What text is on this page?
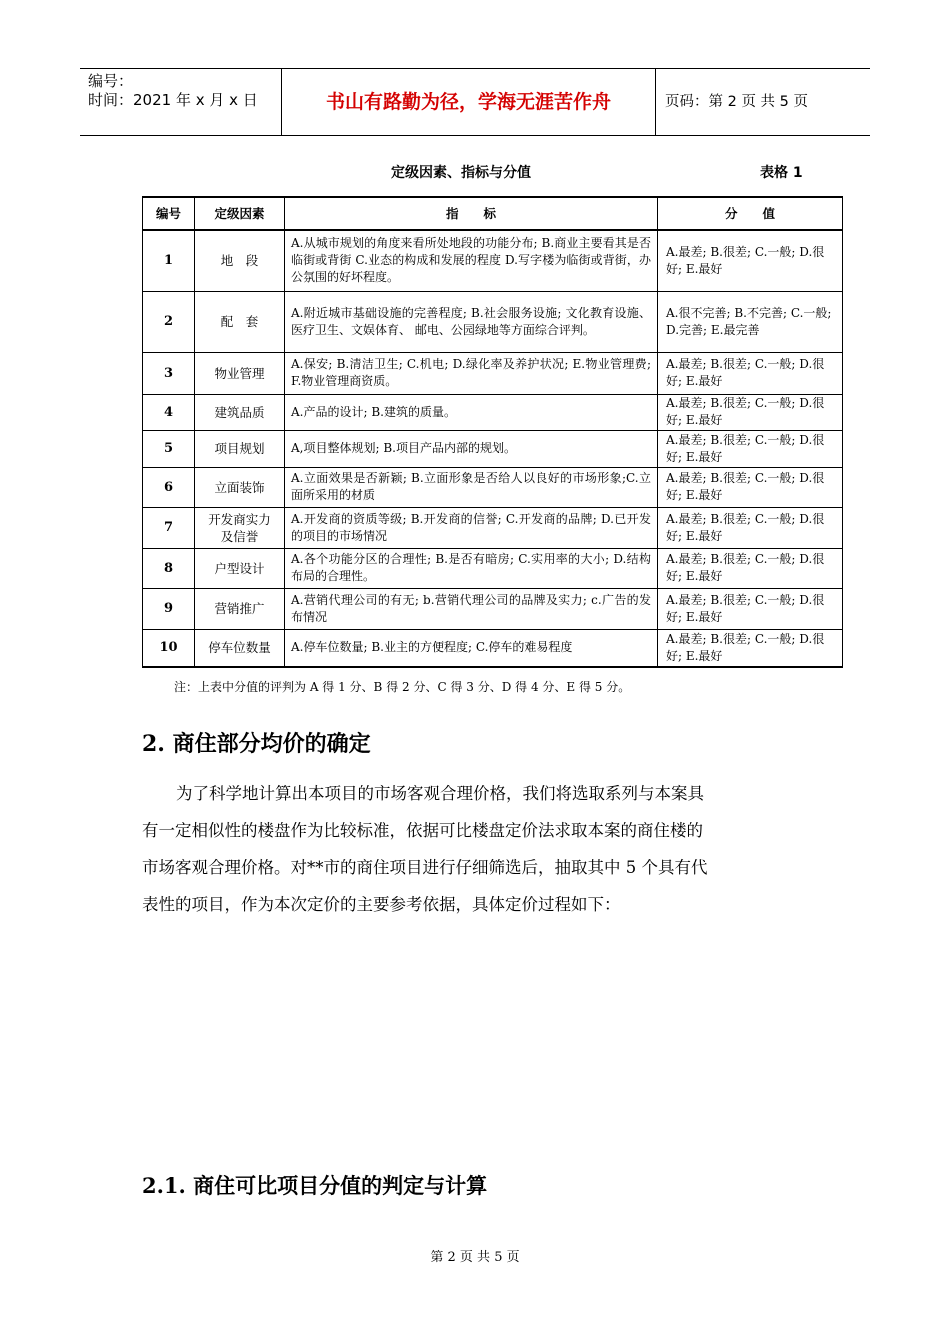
编号：
时间：2021 年 x 月 x 日	书山有路勤为径，学海无涯苦作舟	页码：第 2 页 共 5 页
定级因素、指标与分值	表格 1
编号	定级因素	指　　标	分　　值
1	地　段	A.从城市规划的角度来看所处地段的功能分布; B.商业主要看其是否临街或背街 C.业态的构成和发展的程度 D.写字楼为临街或背街，办公氛围的好坏程度。	A.最差; B.很差; C.一般; D.很好; E.最好
2	配　套	A.附近城市基础设施的完善程度; B.社会服务设施; 文化教育设施、医疗卫生、文娱体育、 邮电、公园绿地等方面综合评判。	A.很不完善; B.不完善; C.一般; D.完善; E.最完善
3	物业管理	A.保安; B.清洁卫生; C.机电; D.绿化率及养护状况; E.物业管理费; F.物业管理商资质。	A.最差; B.很差; C.一般; D.很好; E.最好
4	建筑品质	A.产品的设计; B.建筑的质量。	A.最差; B.很差; C.一般; D.很好; E.最好
5	项目规划	A,项目整体规划; B.项目产品内部的规划。	A.最差; B.很差; C.一般; D.很好; E.最好
6	立面装饰	A.立面效果是否新颖; B.立面形象是否给人以良好的市场形象;C.立面所采用的材质	A.最差; B.很差; C.一般; D.很好; E.最好
7	开发商实力及信誉	A.开发商的资质等级; B.开发商的信誉; C.开发商的品牌; D.已开发的项目的市场情况	A.最差; B.很差; C.一般; D.很好; E.最好
8	户型设计	A.各个功能分区的合理性; B.是否有暗房; C.实用率的大小; D.结构布局的合理性。	A.最差; B.很差; C.一般; D.很好; E.最好
9	营销推广	A.营销代理公司的有无; b.营销代理公司的品牌及实力; c.广告的发布情况	A.最差; B.很差; C.一般; D.很好; E.最好
10	停车位数量	A.停车位数量; B.业主的方便程度; C.停车的难易程度	A.最差; B.很差; C.一般; D.很好; E.最好
注：上表中分值的评判为 A 得 1 分、B 得 2 分、C 得 3 分、D 得 4 分、E 得 5 分。
2. 商住部分均价的确定
为了科学地计算出本项目的市场客观合理价格，我们将选取系列与本案具
有一定相似性的楼盘作为比较标准，依据可比楼盘定价法求取本案的商住楼的
市场客观合理价格。对**市的商住项目进行仔细筛选后，抽取其中 5 个具有代
表性的项目，作为本次定价的主要参考依据，具体定价过程如下：
2.1. 商住可比项目分值的判定与计算
第 2 页 共 5 页
